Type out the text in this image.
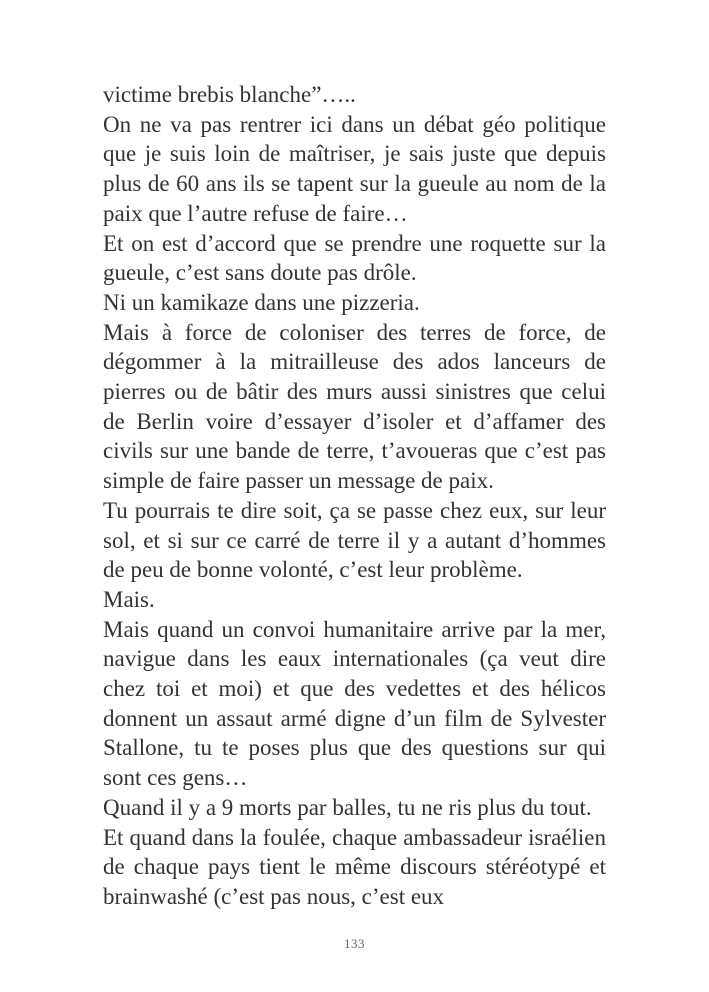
victime brebis blanche”…..

On ne va pas rentrer ici dans un débat géo politique que je suis loin de maîtriser, je sais juste que depuis plus de 60 ans ils se tapent sur la gueule au nom de la paix que l’autre refuse de faire…

Et on est d’accord que se prendre une roquette sur la gueule, c’est sans doute pas drôle.

Ni un kamikaze dans une pizzeria.

Mais à force de coloniser des terres de force, de dégommer à la mitrailleuse des ados lanceurs de pierres ou de bâtir des murs aussi sinistres que celui de Berlin voire d’essayer d’isoler et d’affamer des civils sur une bande de terre, t’avoueras que c’est pas simple de faire passer un message de paix.

Tu pourrais te dire soit, ça se passe chez eux, sur leur sol, et si sur ce carré de terre il y a autant d’hommes de peu de bonne volonté, c’est leur problème.

Mais.

Mais quand un convoi humanitaire arrive par la mer, navigue dans les eaux internationales (ça veut dire chez toi et moi) et que des vedettes et des hélicos donnent un assaut armé digne d’un film de Sylvester Stallone, tu te poses plus que des questions sur qui sont ces gens…

Quand il y a 9 morts par balles, tu ne ris plus du tout.

Et quand dans la foulée, chaque ambassadeur israélien de chaque pays tient le même discours stéréotypé et brainwashé (c’est pas nous, c’est eux

133
